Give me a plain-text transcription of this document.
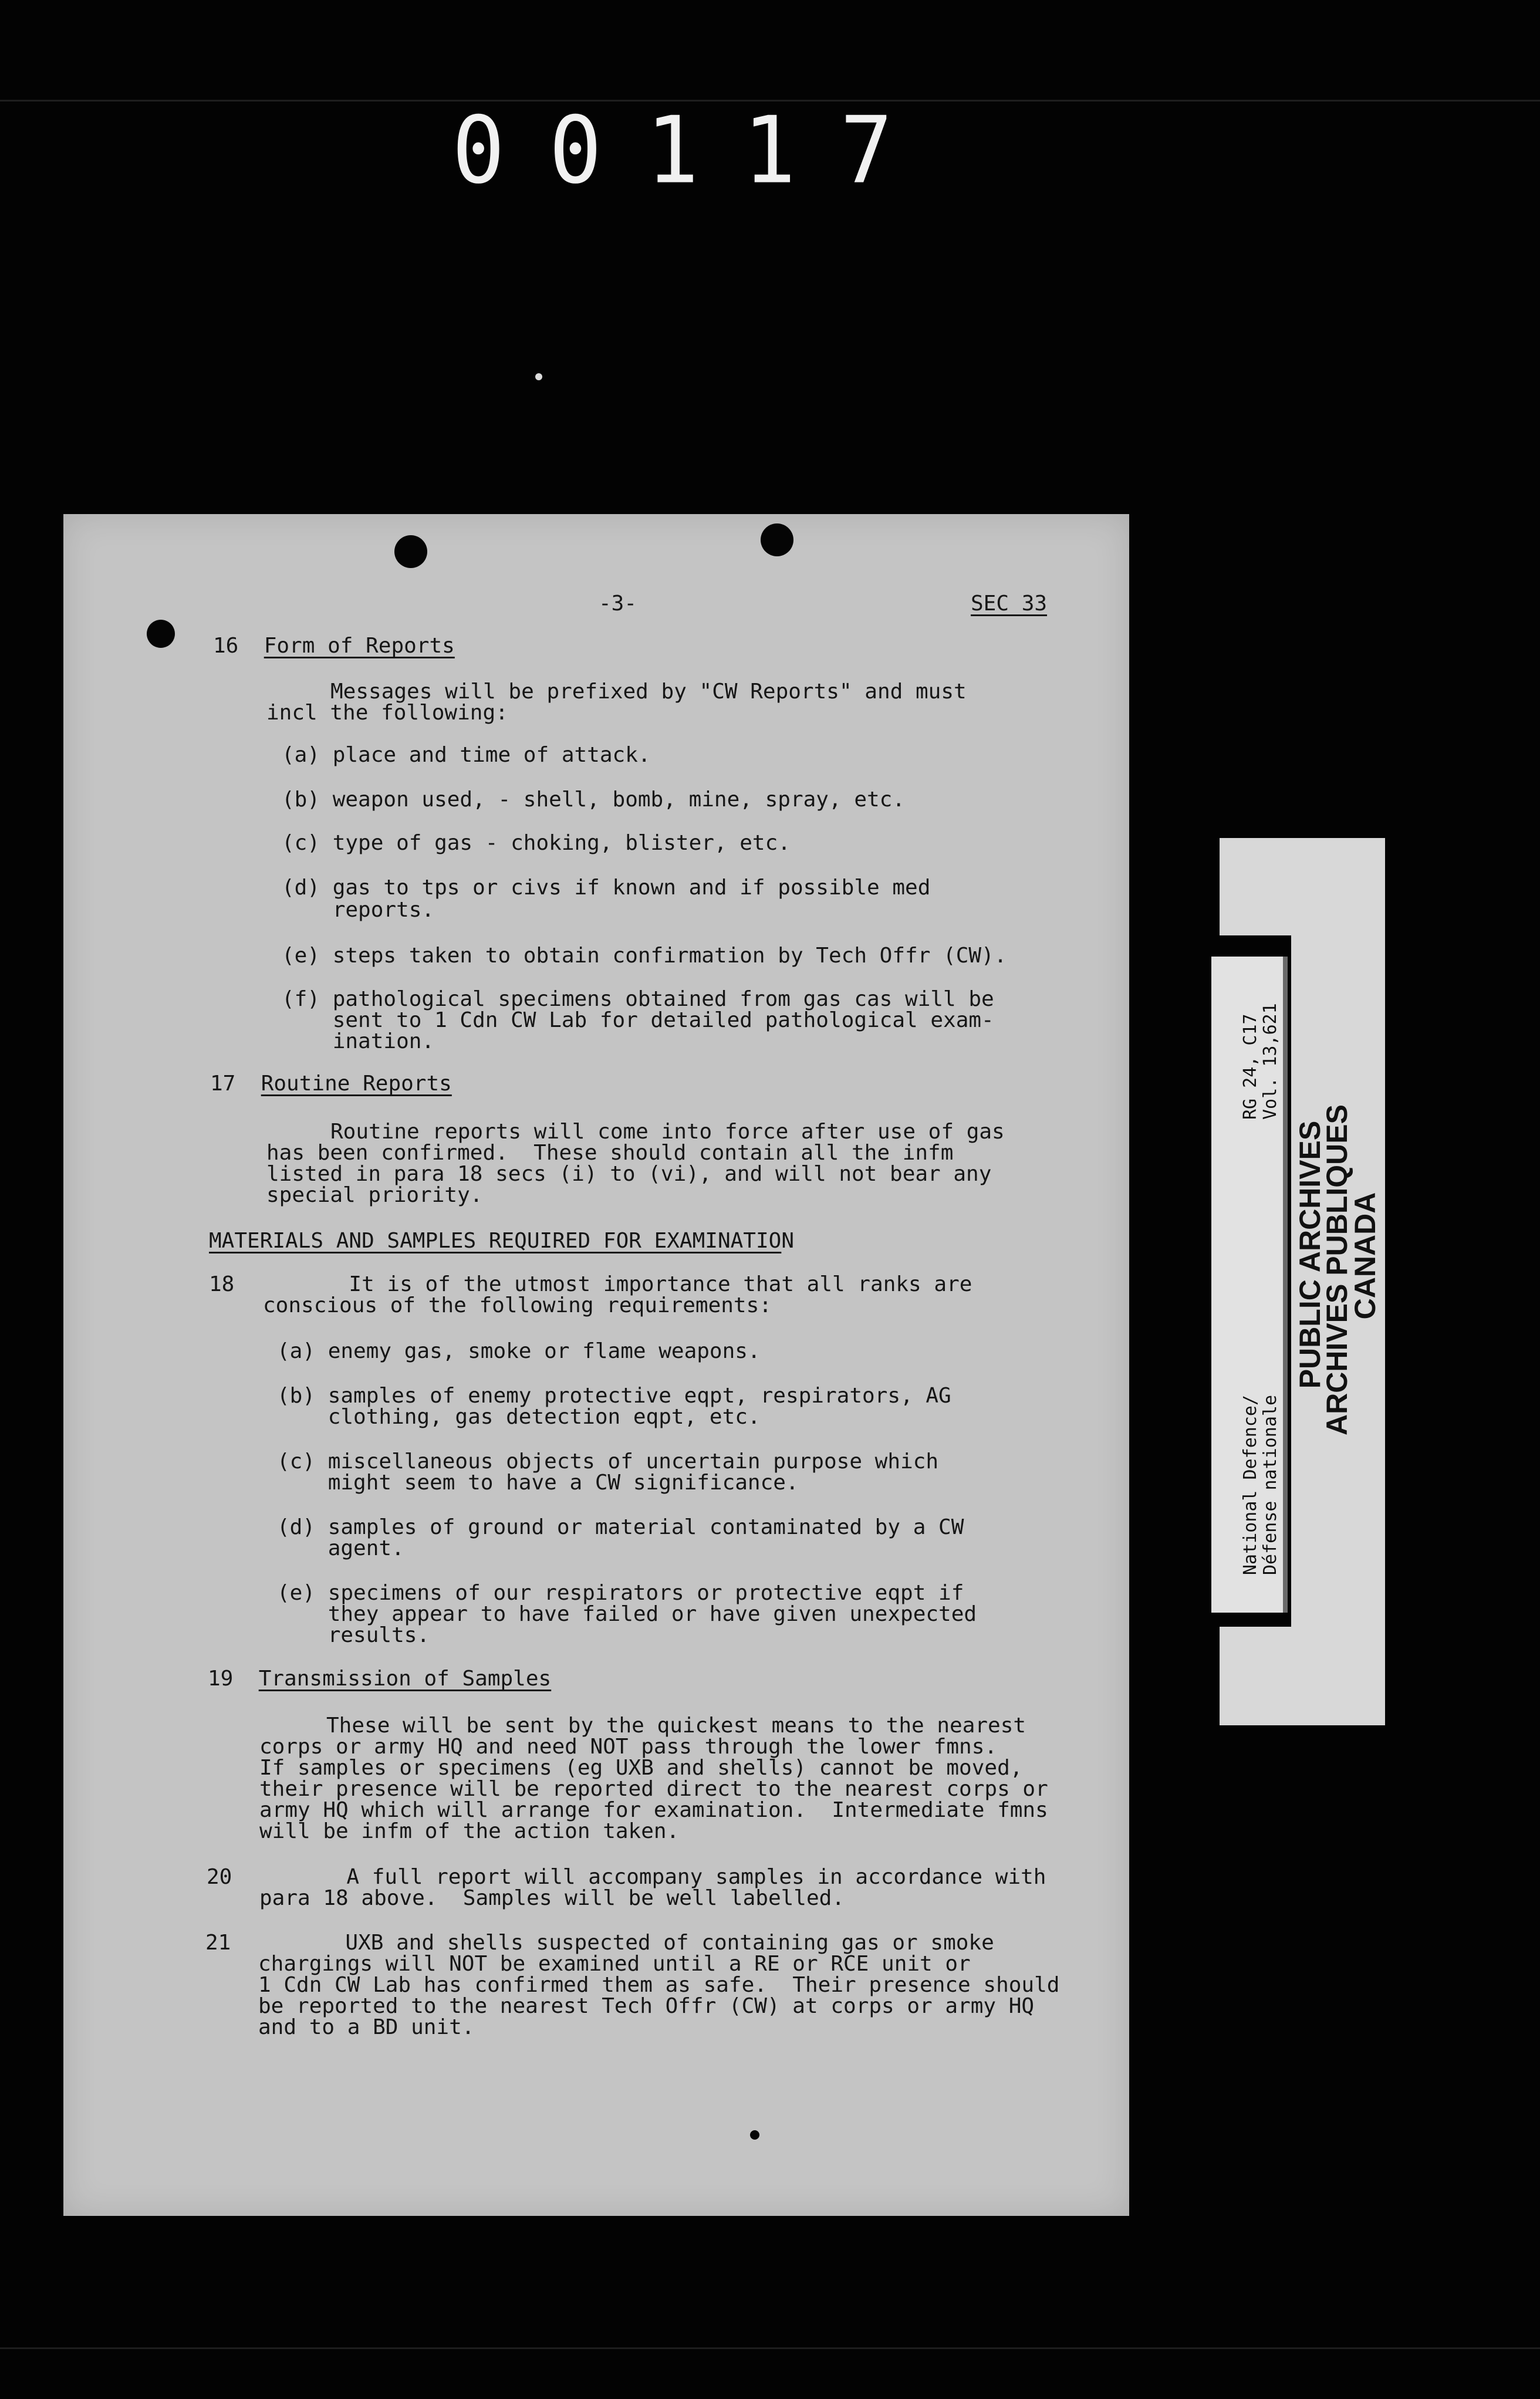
00117
-3-	SEC 33
16  Form of Reports
Messages will be prefixed by "CW Reports" and must
incl the following:
(a) place and time of attack.
(b) weapon used, - shell, bomb, mine, spray, etc.
(c) type of gas - choking, blister, etc.
(d) gas to tps or civs if known and if possible med
reports.
(e) steps taken to obtain confirmation by Tech Offr (CW).
(f) pathological specimens obtained from gas cas will be
sent to 1 Cdn CW Lab for detailed pathological exam-
ination.
17  Routine Reports
Routine reports will come into force after use of gas
has been confirmed.  These should contain all the infm
listed in para 18 secs (i) to (vi), and will not bear any
special priority.
MATERIALS AND SAMPLES REQUIRED FOR EXAMINATION
18         It is of the utmost importance that all ranks are
conscious of the following requirements:
(a) enemy gas, smoke or flame weapons.
(b) samples of enemy protective eqpt, respirators, AG
clothing, gas detection eqpt, etc.
(c) miscellaneous objects of uncertain purpose which
might seem to have a CW significance.
(d) samples of ground or material contaminated by a CW
agent.
(e) specimens of our respirators or protective eqpt if
they appear to have failed or have given unexpected
results.
19  Transmission of Samples
These will be sent by the quickest means to the nearest
corps or army HQ and need NOT pass through the lower fmns.
If samples or specimens (eg UXB and shells) cannot be moved,
their presence will be reported direct to the nearest corps or
army HQ which will arrange for examination.  Intermediate fmns
will be infm of the action taken.
20         A full report will accompany samples in accordance with
para 18 above.  Samples will be well labelled.
21         UXB and shells suspected of containing gas or smoke
chargings will NOT be examined until a RE or RCE unit or
1 Cdn CW Lab has confirmed them as safe.  Their presence should
be reported to the nearest Tech Offr (CW) at corps or army HQ
and to a BD unit.
RG 24, C17 Vol. 13,621
National Defence/ Défense nationale
PUBLIC ARCHIVES
ARCHIVES PUBLIQUES
CANADA
